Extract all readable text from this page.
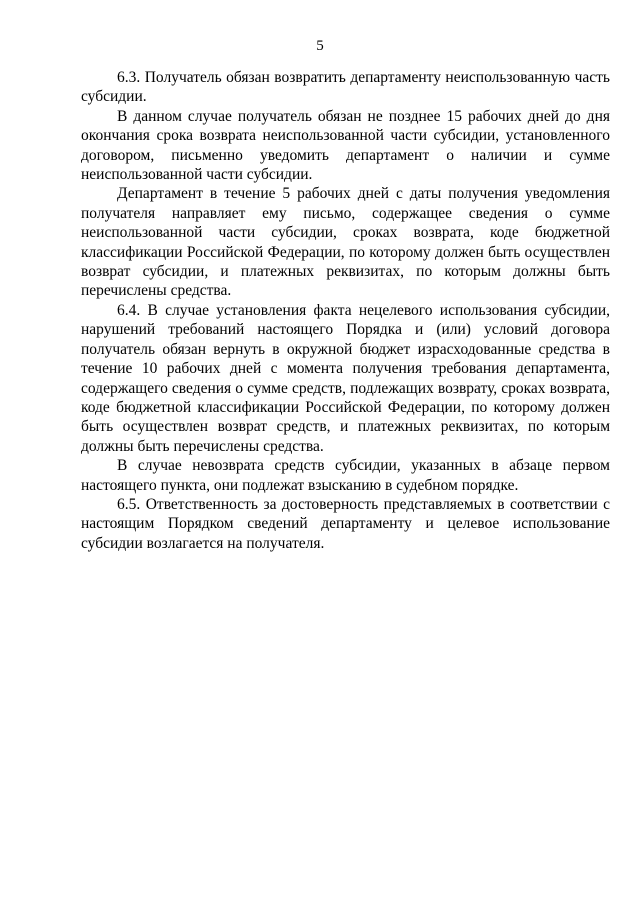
5

6.3. Получатель обязан возвратить департаменту неиспользованную часть субсидии.

В данном случае получатель обязан не позднее 15 рабочих дней до дня окончания срока возврата неиспользованной части субсидии, установленного договором, письменно уведомить департамент о наличии и сумме неиспользованной части субсидии.

Департамент в течение 5 рабочих дней с даты получения уведомления получателя направляет ему письмо, содержащее сведения о сумме неиспользованной части субсидии, сроках возврата, коде бюджетной классификации Российской Федерации, по которому должен быть осуществлен возврат субсидии, и платежных реквизитах, по которым должны быть перечислены средства.

6.4. В случае установления факта нецелевого использования субсидии, нарушений требований настоящего Порядка и (или) условий договора получатель обязан вернуть в окружной бюджет израсходованные средства в течение 10 рабочих дней с момента получения требования департамента, содержащего сведения о сумме средств, подлежащих возврату, сроках возврата, коде бюджетной классификации Российской Федерации, по которому должен быть осуществлен возврат средств, и платежных реквизитах, по которым должны быть перечислены средства.

В случае невозврата средств субсидии, указанных в абзаце первом настоящего пункта, они подлежат взысканию в судебном порядке.

6.5. Ответственность за достоверность представляемых в соответствии с настоящим Порядком сведений департаменту и целевое использование субсидии возлагается на получателя.
